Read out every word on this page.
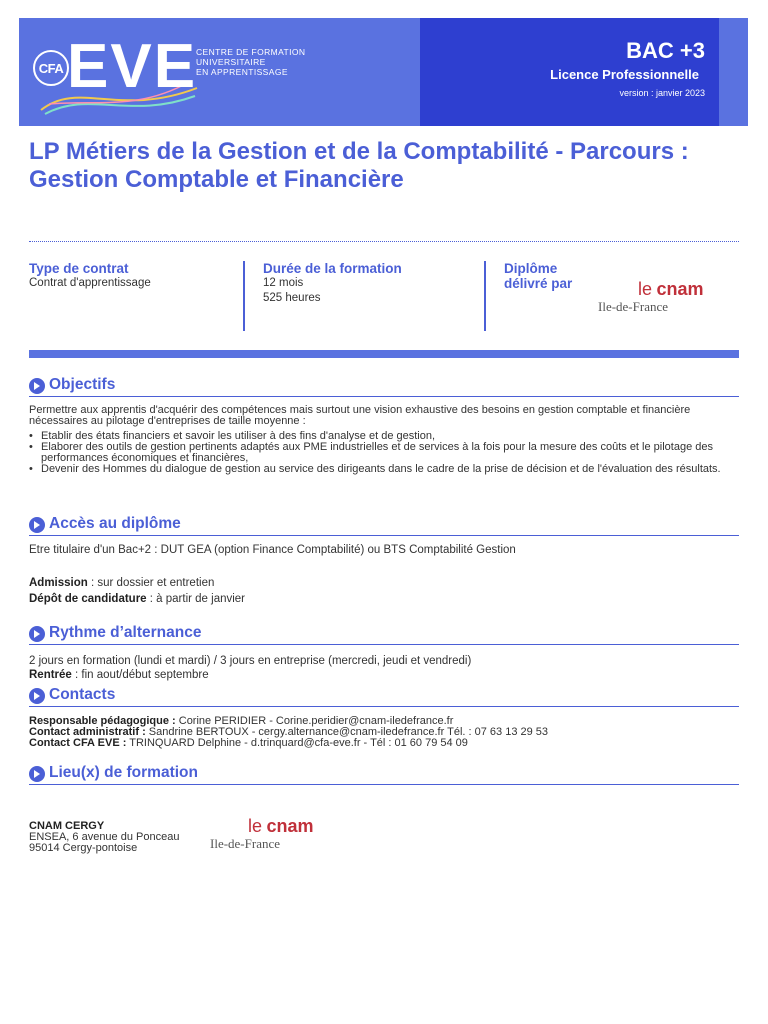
CFA EVE
CENTRE DE FORMATION
UNIVERSITAIRE
EN APPRENTISSAGE
BAC +3
Licence Professionnelle
version : janvier 2023
LP Métiers de la Gestion et de la Comptabilité - Parcours : Gestion Comptable et Financière
Type de contrat
Contrat d'apprentissage
Durée de la formation
12 mois
525 heures
Diplôme
délivré par	le cnam
Ile-de-France
Objectifs
Permettre aux apprentis d'acquérir des compétences mais surtout une vision exhaustive des besoins en gestion comptable et financière nécessaires au pilotage d'entreprises de taille moyenne :
• Etablir des états financiers et savoir les utiliser à des fins d'analyse et de gestion,
• Elaborer des outils de gestion pertinents adaptés aux PME industrielles et de services à la fois pour la mesure des coûts et le pilotage des performances économiques et financières,
• Devenir des Hommes du dialogue de gestion au service des dirigeants dans le cadre de la prise de décision et de l'évaluation des résultats.
Accès au diplôme
Etre titulaire d'un Bac+2 : DUT GEA (option Finance Comptabilité) ou BTS Comptabilité Gestion
Admission : sur dossier et entretien
Dépôt de candidature : à partir de janvier
Rythme d’alternance
2 jours en formation (lundi et mardi) / 3 jours en entreprise (mercredi, jeudi et vendredi)
Rentrée : fin aout/début septembre
Contacts
Responsable pédagogique : Corine PERIDIER - Corine.peridier@cnam-iledefrance.fr
Contact administratif : Sandrine BERTOUX - cergy.alternance@cnam-iledefrance.fr Tél. : 07 63 13 29 53
Contact CFA EVE : TRINQUARD Delphine - d.trinquard@cfa-eve.fr - Tél : 01 60 79 54 09
Lieu(x) de formation
CNAM CERGY
ENSEA, 6 avenue du Ponceau
95014 Cergy-pontoise
le cnam
Ile-de-France
